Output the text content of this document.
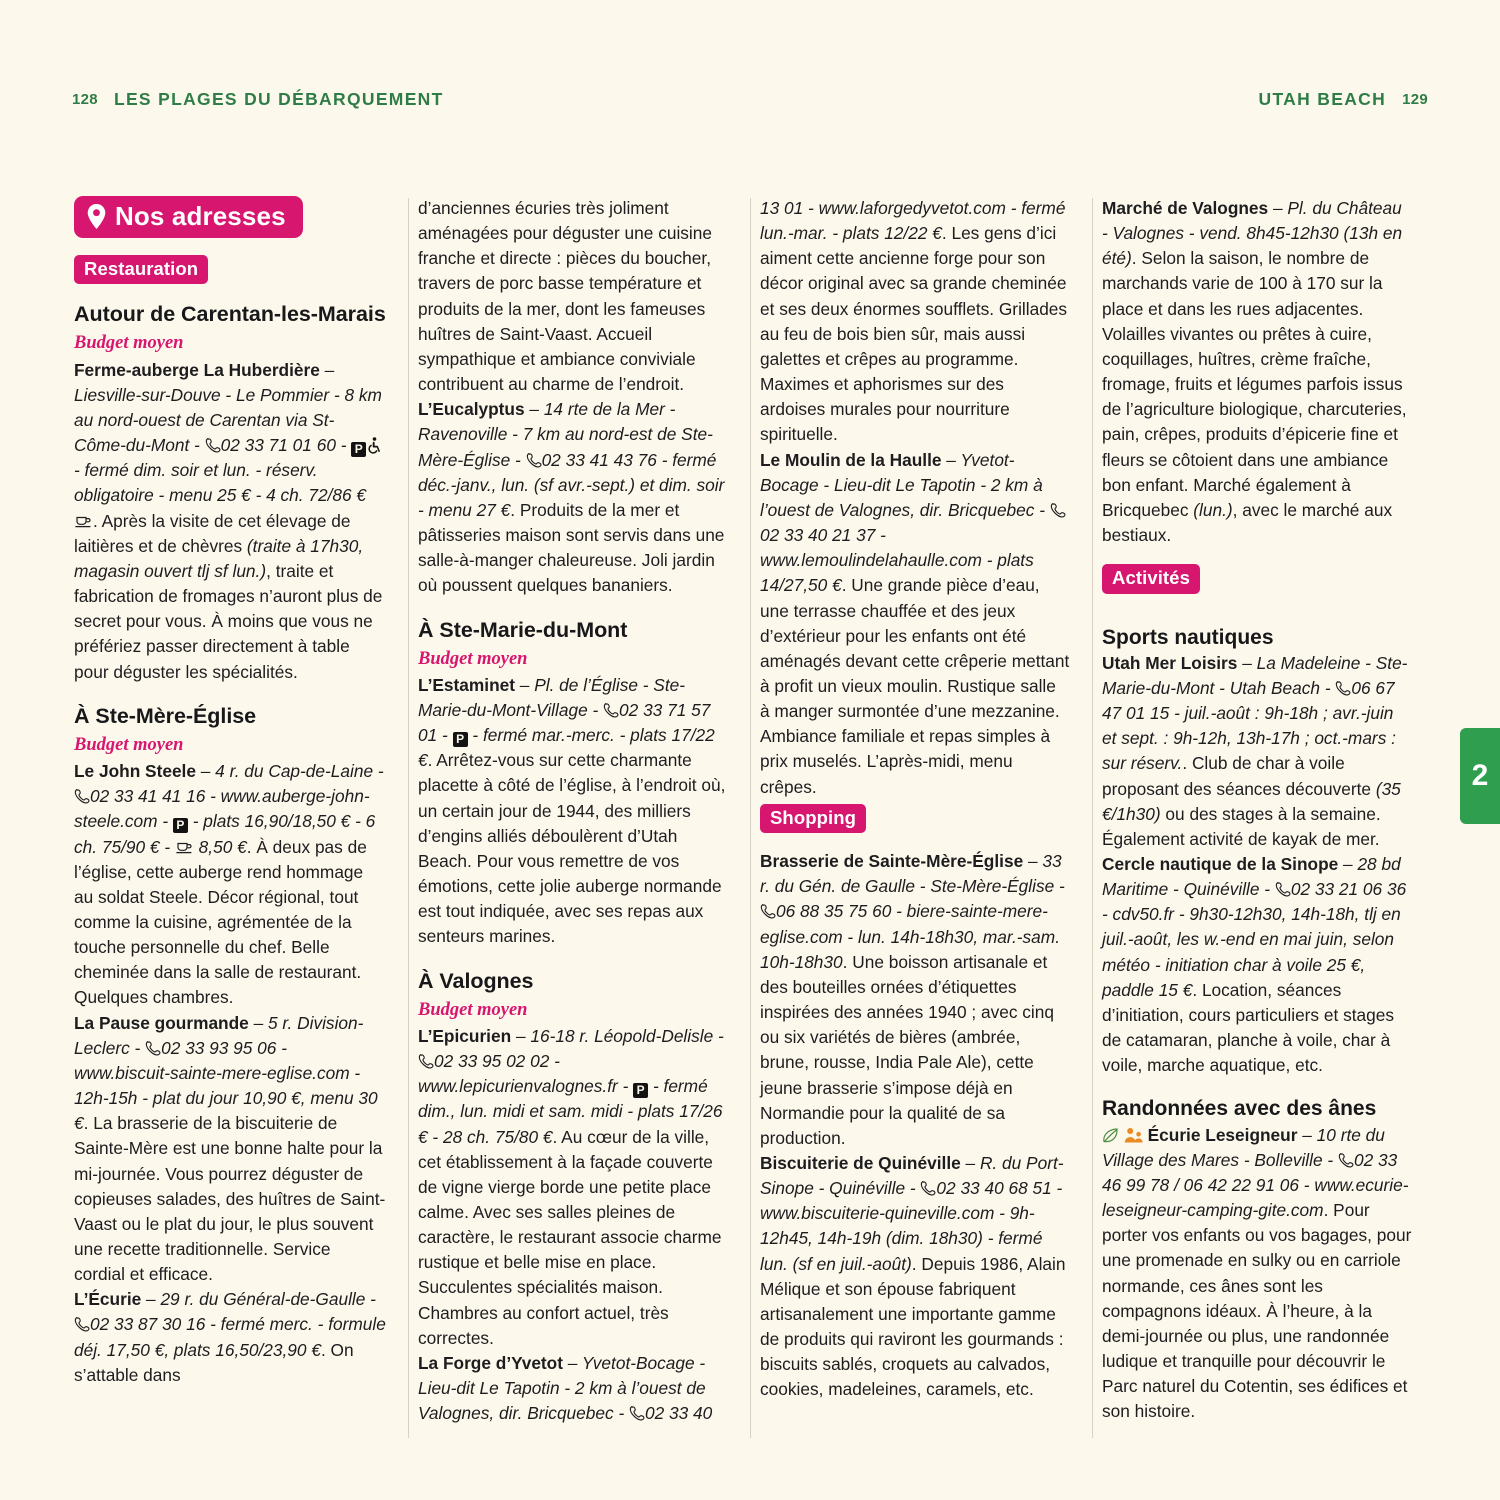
128 LES PLAGES DU DÉBARQUEMENT	UTAH BEACH 129
2
Nos adresses
Restauration
Autour de Carentan-les-Marais
Budget moyen

Ferme-auberge La Huberdière – Liesville-sur-Douve - Le Pommier - 8 km au nord-ouest de Carentan via St-Côme-du-Mont - 02 33 71 01 60 - P - fermé dim. soir et lun. - réserv. obligatoire - menu 25 € - 4 ch. 72/86 € . Après la visite de cet élevage de laitières et de chèvres (traite à 17h30, magasin ouvert tlj sf lun.), traite et fabrication de fromages n’auront plus de secret pour vous. À moins que vous ne préfériez passer directement à table pour déguster les spécialités.

À Ste-Mère-Église
Budget moyen

Le John Steele – 4 r. du Cap-de-Laine - 02 33 41 41 16 - www.auberge-john-steele.com - P - plats 16,90/18,50 € - 6 ch. 75/90 € -  8,50 €. À deux pas de l’église, cette auberge rend hommage au soldat Steele. Décor régional, tout comme la cuisine, agrémentée de la touche personnelle du chef. Belle cheminée dans la salle de restaurant. Quelques chambres.

La Pause gourmande – 5 r. Division-Leclerc - 02 33 93 95 06 - www.biscuit-sainte-mere-eglise.com - 12h-15h - plat du jour 10,90 €, menu 30 €. La brasserie de la biscuiterie de Sainte-Mère est une bonne halte pour la mi-journée. Vous pourrez déguster de copieuses salades, des huîtres de Saint-Vaast ou le plat du jour, le plus souvent une recette traditionnelle. Service cordial et efficace.

L’Écurie – 29 r. du Général-de-Gaulle - 02 33 87 30 16 - fermé merc. - formule déj. 17,50 €, plats 16,50/23,90 €. On s’attable dans

d’anciennes écuries très joliment aménagées pour déguster une cuisine franche et directe : pièces du boucher, travers de porc basse température et produits de la mer, dont les fameuses huîtres de Saint-Vaast. Accueil sympathique et ambiance conviviale contribuent au charme de l’endroit.

L’Eucalyptus – 14 rte de la Mer - Ravenoville - 7 km au nord-est de Ste-Mère-Église - 02 33 41 43 76 - fermé déc.-janv., lun. (sf avr.-sept.) et dim. soir - menu 27 €. Produits de la mer et pâtisseries maison sont servis dans une salle-à-manger chaleureuse. Joli jardin où poussent quelques bananiers.

À Ste-Marie-du-Mont
Budget moyen

L’Estaminet – Pl. de l’Église - Ste-Marie-du-Mont-Village - 02 33 71 57 01 - P - fermé mar.-merc. - plats 17/22 €. Arrêtez-vous sur cette charmante placette à côté de l’église, à l’endroit où, un certain jour de 1944, des milliers d’engins alliés déboulèrent d’Utah Beach. Pour vous remettre de vos émotions, cette jolie auberge normande est tout indiquée, avec ses repas aux senteurs marines.

À Valognes
Budget moyen

L’Epicurien – 16-18 r. Léopold-Delisle - 02 33 95 02 02 - www.lepicurienvalognes.fr - P - fermé dim., lun. midi et sam. midi - plats 17/26 € - 28 ch. 75/80 €. Au cœur de la ville, cet établissement à la façade couverte de vigne vierge borde une petite place calme. Avec ses salles pleines de caractère, le restaurant associe charme rustique et belle mise en place. Succulentes spécialités maison. Chambres au confort actuel, très correctes.

La Forge d’Yvetot – Yvetot-Bocage - Lieu-dit Le Tapotin - 2 km à l’ouest de Valognes, dir. Bricquebec - 02 33 40

13 01 - www.laforgedyvetot.com - fermé lun.-mar. - plats 12/22 €. Les gens d’ici aiment cette ancienne forge pour son décor original avec sa grande cheminée et ses deux énormes soufflets. Grillades au feu de bois bien sûr, mais aussi galettes et crêpes au programme. Maximes et aphorismes sur des ardoises murales pour nourriture spirituelle.

Le Moulin de la Haulle – Yvetot-Bocage - Lieu-dit Le Tapotin - 2 km à l’ouest de Valognes, dir. Bricquebec - 02 33 40 21 37 - www.lemoulindelahaulle.com - plats 14/27,50 €. Une grande pièce d’eau, une terrasse chauffée et des jeux d’extérieur pour les enfants ont été aménagés devant cette crêperie mettant à profit un vieux moulin. Rustique salle à manger surmontée d’une mezzanine. Ambiance familiale et repas simples à prix muselés. L’après-midi, menu crêpes.

Shopping

Brasserie de Sainte-Mère-Église – 33 r. du Gén. de Gaulle - Ste-Mère-Église - 06 88 35 75 60 - biere-sainte-mere-eglise.com - lun. 14h-18h30, mar.-sam. 10h-18h30. Une boisson artisanale et des bouteilles ornées d’étiquettes inspirées des années 1940 ; avec cinq ou six variétés de bières (ambrée, brune, rousse, India Pale Ale), cette jeune brasserie s’impose déjà en Normandie pour la qualité de sa production.

Biscuiterie de Quinéville – R. du Port-Sinope - Quinéville - 02 33 40 68 51 - www.biscuiterie-quineville.com - 9h-12h45, 14h-19h (dim. 18h30) - fermé lun. (sf en juil.-août). Depuis 1986, Alain Mélique et son épouse fabriquent artisanalement une importante gamme de produits qui raviront les gourmands : biscuits sablés, croquets au calvados, cookies, madeleines, caramels, etc.

Marché de Valognes – Pl. du Château - Valognes - vend. 8h45-12h30 (13h en été). Selon la saison, le nombre de marchands varie de 100 à 170 sur la place et dans les rues adjacentes. Volailles vivantes ou prêtes à cuire, coquillages, huîtres, crème fraîche, fromage, fruits et légumes parfois issus de l’agriculture biologique, charcuteries, pain, crêpes, produits d’épicerie fine et fleurs se côtoient dans une ambiance bon enfant. Marché également à Bricquebec (lun.), avec le marché aux bestiaux.

Activités
Sports nautiques

Utah Mer Loisirs – La Madeleine - Ste-Marie-du-Mont - Utah Beach - 06 67 47 01 15 - juil.-août : 9h-18h ; avr.-juin et sept. : 9h-12h, 13h-17h ; oct.-mars : sur réserv.. Club de char à voile proposant des séances découverte (35 €/1h30) ou des stages à la semaine. Également activité de kayak de mer.

Cercle nautique de la Sinope – 28 bd Maritime - Quinéville - 02 33 21 06 36 - cdv50.fr - 9h30-12h30, 14h-18h, tlj en juil.-août, les w.-end en mai juin, selon météo - initiation char à voile 25 €, paddle 15 €. Location, séances d’initiation, cours particuliers et stages de catamaran, planche à voile, char à voile, marche aquatique, etc.

Randonnées avec des ânes

Écurie Leseigneur – 10 rte du Village des Mares - Bolleville - 02 33 46 99 78 / 06 42 22 91 06 - www.ecurie-leseigneur-camping-gite.com. Pour porter vos enfants ou vos bagages, pour une promenade en sulky ou en carriole normande, ces ânes sont les compagnons idéaux. À l’heure, à la demi-journée ou plus, une randonnée ludique et tranquille pour découvrir le Parc naturel du Cotentin, ses édifices et son histoire.
